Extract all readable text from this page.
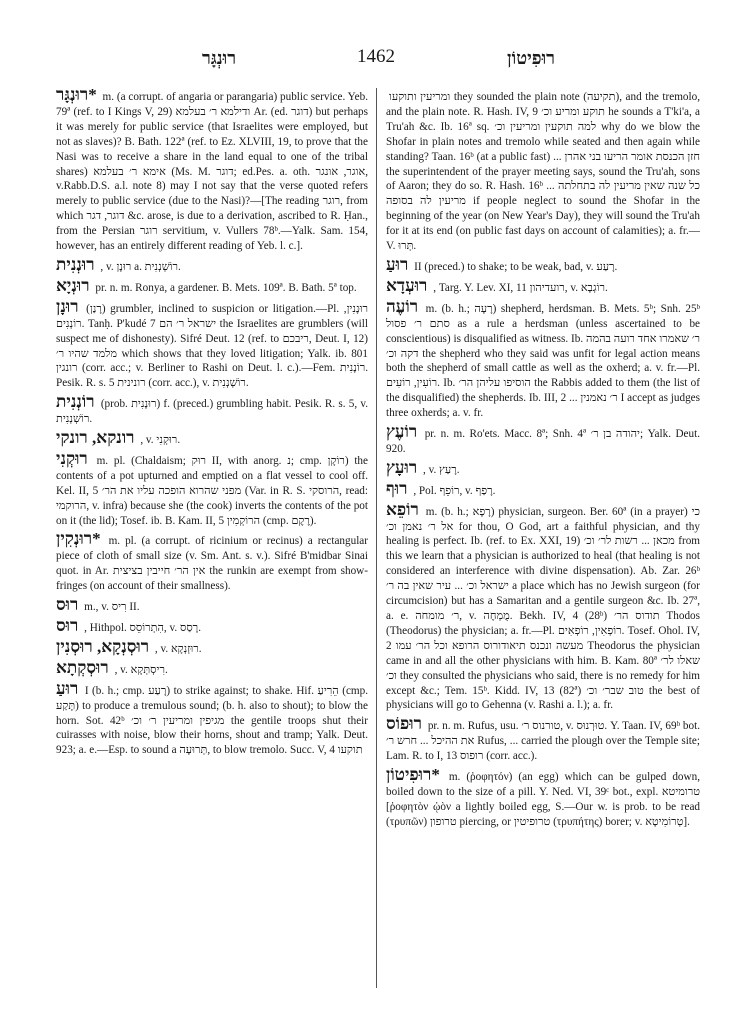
רוּנְגָּר	1462	רוּפִיטוֹן

*רוּנְגָּר m. (a corrupt. of angaria or parangaria) public service. Yeb. 79ª (ref. to I Kings V, 29) ודילמא ר׳ בעלמא Ar. (ed. דוגר) but perhaps it was merely for public service (that Israelites were employed, but not as slaves)? B. Bath. 122ª (ref. to Ez. XLVIII, 19, to prove that the Nasi was to receive a share in the land equal to one of the tribal shares) אימא ר׳ בעלמא (Ms. M. דוגר; ed.Pes. a. oth. אוגר, אונגר, v.Rabb.D.S. a.l. note 8) may I not say that the verse quoted refers merely to public service (due to the Nasi)?—[The reading רוגר, from which דוגר, דגר &c. arose, is due to a derivation, ascribed to R. Ḥan., from the Persian רוגר servitium, v. Vullers 78ᵇ.—Yalk. Sam. 154, however, has an entirely different reading of Yeb. l. c.].

רוּנְנִית , v. רוּנָן a. רוֹשְׁנְנִית.

רוּנְיָא pr. n. m. Ronya, a gardener. B. Mets. 109ª. B. Bath. 5ª top.

רוּנָן (רָנַן) grumbler, inclined to suspicion or litigation.—Pl. רוּנָנִין, רוֹנְנִים. Tanḥ. P'kudé 7 ישראל ר׳ הם the Israelites are grumblers (will suspect me of dishonesty). Sifré Deut. 12 (ref. to ריבכם, Deut. I, 12) מלמד שהיו ר׳ which shows that they loved litigation; Yalk. ib. 801 רונגין (corr. acc.; v. Berliner to Rashi on Deut. l. c.).—Fem. רוֹנָנִית. Pesik. R. s. 5 רונינית (corr. acc.), v. רוֹשְׁנְנִית.

רוֹנְנִית (prob. רוּנָנִית) f. (preced.) grumbling habit. Pesik. R. s. 5, v. רוֹשְׁנְנִית.

רונקא, רונקי , v. רוּקְנִי.

רוּקְנִי m. pl. (Chaldaism; רוּק II, with anorg. נ; cmp. רוֹקָן) the contents of a pot upturned and emptied on a flat vessel to cool off. Kel. II, 5 מפני שהרוא הופכה עליו את הר׳ (Var. in R. S. הרוסקי, read: הרוקמי, v. infra) because she (the cook) inverts the contents of the pot on it (the lid); Tosef. ib. B. Kam. II, 5 הרוֹקְמִין (cmp. רֶקֶם).

*רוּנְקִין m. pl. (a corrupt. of ricinium or recinus) a rectangular piece of cloth of small size (v. Sm. Ant. s. v.). Sifré B'midbar Sinai quot. in Ar. אין הר׳ חייבין בציצית the runkin are exempt from show-fringes (on account of their smallness).

רוּס m., v. רִיס II.

רוּס , Hithpol. הִתְרוֹסֵס, v. רָסַס.

רוּסְנְקָא, רוּסְנִין , v. רוּזְנְקָא.

רוּסְקְתָא , v. רִיסְתְּקָא.

רוּעַ I (b. h.; cmp. רָעַע) to strike against; to shake. Hif. הֵרִיעַ (cmp. תָּקַע) to produce a tremulous sound; (b. h. also to shout); to blow the horn. Sot. 42ᵇ מגיפין ומריעין ר׳ וכ׳ the gentile troops shut their cuirasses with noise, blow their horns, shout and tramp; Yalk. Deut. 923; a. e.—Esp. to sound a תְּרוּעָה, to blow tremolo. Succ. V, 4 תוקעו

ומריעין ותוקעו they sounded the plain note (תקיעה), and the tremolo, and the plain note. R. Hash. IV, 9 תוקע ומריע וכ׳ he sounds a T'ki'a, a Tru'ah &c. Ib. 16ª sq. למה תוקעין ומריעין וכ׳ why do we blow the Shofar in plain notes and tremolo while seated and then again while standing? Taan. 16ᵇ (at a public fast) ... חזן הכנסת אומר הריעו בני אהרן the superintendent of the prayer meeting says, sound the Tru'ah, sons of Aaron; they do so. R. Hash. 16ᵇ ... כל שנה שאין מריעין לה בתחלתה מריעין לה בסופה if people neglect to sound the Shofar in the beginning of the year (on New Year's Day), they will sound the Tru'ah for it at its end (on public fast days on account of calamities); a. fr.—V. תְּרוּ.

רוּעַ II (preced.) to shake; to be weak, bad, v. רָעַע.

רוּעְדָא , Targ. Y. Lev. XI, 11 רועדיהון, v. רוֹגְבָא.

רוֹעֶה m. (b. h.; רָעָה) shepherd, herdsman. B. Mets. 5ᵇ; Snh. 25ᵇ סתם ר׳ פסול as a rule a herdsman (unless ascertained to be conscientious) is disqualified as witness. Ib. ר׳ שאמרו אחד רועה בהמה דקה וכ׳ the shepherd who they said was unfit for legal action means both the shepherd of small cattle as well as the oxherd; a. v. fr.—Pl. רוֹעִין, רוֹעִים. Ib. הוסיפו עליהן הר׳ the Rabbis added to them (the list of the disqualified) the shepherds. Ib. III, 2 ... ר׳ נאמנין I accept as judges three oxherds; a. v. fr.

רוֹעֶץ pr. n. m. Ro'ets. Macc. 8ª; Snh. 4ª יהודה בן ר׳; Yalk. Deut. 920.

רוּעָץ , v. רָעַץ.

רוּף , Pol. רוֹפֵף, v. רָפַף.

רוֹפֵא m. (b. h.; רָפָא) physician, surgeon. Ber. 60ª (in a prayer) כי אל ר׳ נאמן וכ׳ for thou, O God, art a faithful physician, and thy healing is perfect. Ib. (ref. to Ex. XXI, 19) מכאן ... רשות לר׳ וכ׳ from this we learn that a physician is authorized to heal (that healing is not considered an interference with divine dispensation). Ab. Zar. 26ᵇ ישראל וכ׳ ... עיר שאין בה ר׳ a place which has no Jewish surgeon (for circumcision) but has a Samaritan and a gentile surgeon &c. Ib. 27ª, a. e. ר׳ מומחה, v. מֻמְחֶה. Bekh. IV, 4 (28ᵇ) תודוס הר׳ Thodos (Theodorus) the physician; a. fr.—Pl. רוֹפְאִין, רוֹפְאִים. Tosef. Ohol. IV, 2 מעשה ונכנס תיאודורוס הרופא וכל הר׳ עמו Theodorus the physician came in and all the other physicians with him. B. Kam. 80ª שאלו לר׳ וכ׳ they consulted the physicians who said, there is no remedy for him except &c.; Tem. 15ᵇ. Kidd. IV, 13 (82ª) טוב שבר׳ וכ׳ the best of physicians will go to Gehenna (v. Rashi a. l.); a. fr.

רוּפוֹס pr. n. m. Rufus, usu. טורנוס ר׳, v. טוּרְנוּס. Y. Taan. IV, 69ᵇ bot. את ההיכל ... חרש ר׳ Rufus, ... carried the plough over the Temple site; Lam. R. to I, 13 רופוס (corr. acc.).

*רוּפִיטוֹן m. (ῥοφητόν) (an egg) which can be gulped down, boiled down to the size of a pill. Y. Ned. VI, 39ᶜ bot., expl. טרומיטא [ῥοφητὸν ᾠὸν a lightly boiled egg, S.—Our w. is prob. to be read (τρυπῶν) טרופון piercing, or טרופיטין (τρυπήτης) borer; v. טְרוֹמִיטָא].
